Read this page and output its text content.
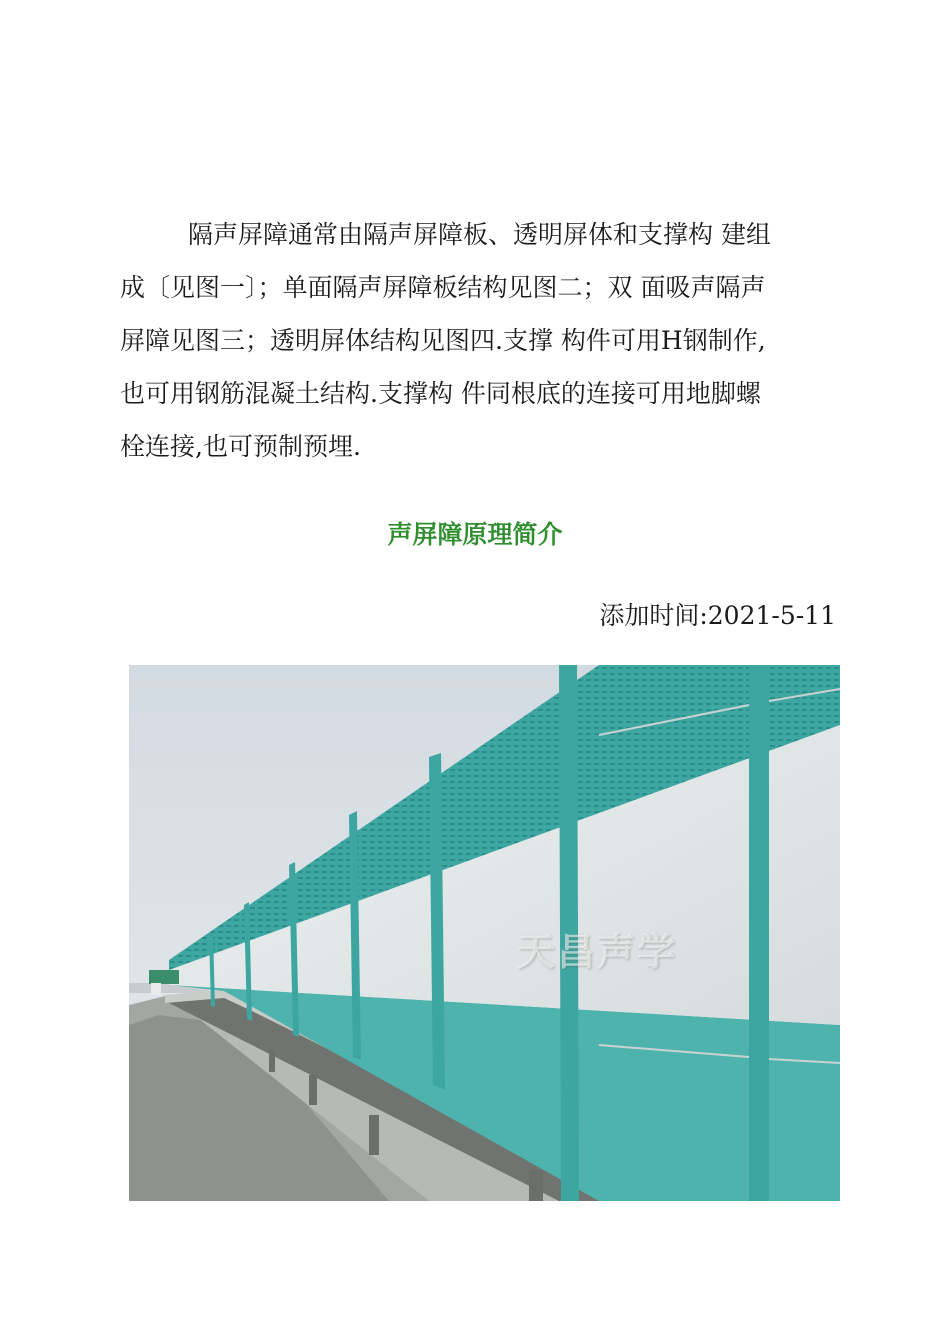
隔声屏障通常由隔声屏障板、透明屏体和支撑构 建组
成〔见图一〕；单面隔声屏障板结构见图二；双 面吸声隔声
屏障见图三；透明屏体结构见图四.支撑 构件可用H钢制作,
也可用钢筋混凝土结构.支撑构 件同根底的连接可用地脚螺
栓连接,也可预制预埋.
声屏障原理简介
添加时间:2021-5-11
天昌声学
